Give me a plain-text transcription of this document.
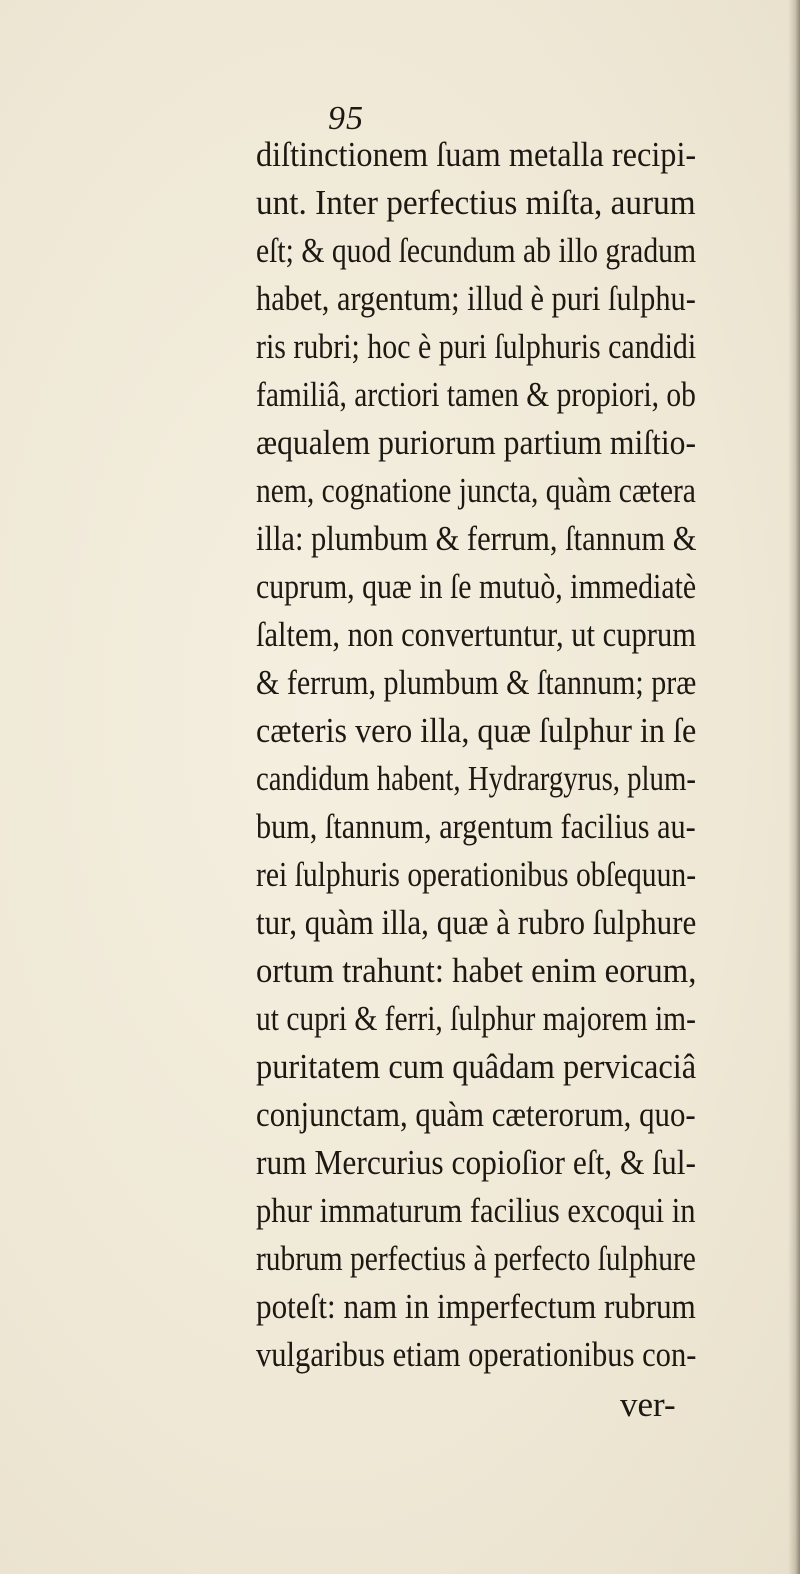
95
diſtinctionem ſuam metalla recipi-
unt. Inter perfectius miſta, aurum
eſt; & quod ſecundum ab illo gradum
habet, argentum; illud è puri ſulphu-
ris rubri; hoc è puri ſulphuris candidi
familiâ, arctiori tamen & propiori, ob
æqualem puriorum partium miſtio-
nem, cognatione juncta, quàm cætera
illa: plumbum & ferrum, ſtannum &
cuprum, quæ in ſe mutuò, immediatè
ſaltem, non convertuntur, ut cuprum
& ferrum, plumbum & ſtannum; præ
cæteris vero illa, quæ ſulphur in ſe
candidum habent, Hydrargyrus, plum-
bum, ſtannum, argentum facilius au-
rei ſulphuris operationibus obſequun-
tur, quàm illa, quæ à rubro ſulphure
ortum trahunt: habet enim eorum,
ut cupri & ferri, ſulphur majorem im-
puritatem cum quâdam pervicaciâ
conjunctam, quàm cæterorum, quo-
rum Mercurius copioſior eſt, & ſul-
phur immaturum facilius excoqui in
rubrum perfectius à perfecto ſulphure
poteſt: nam in imperfectum rubrum
vulgaribus etiam operationibus con-
ver-
